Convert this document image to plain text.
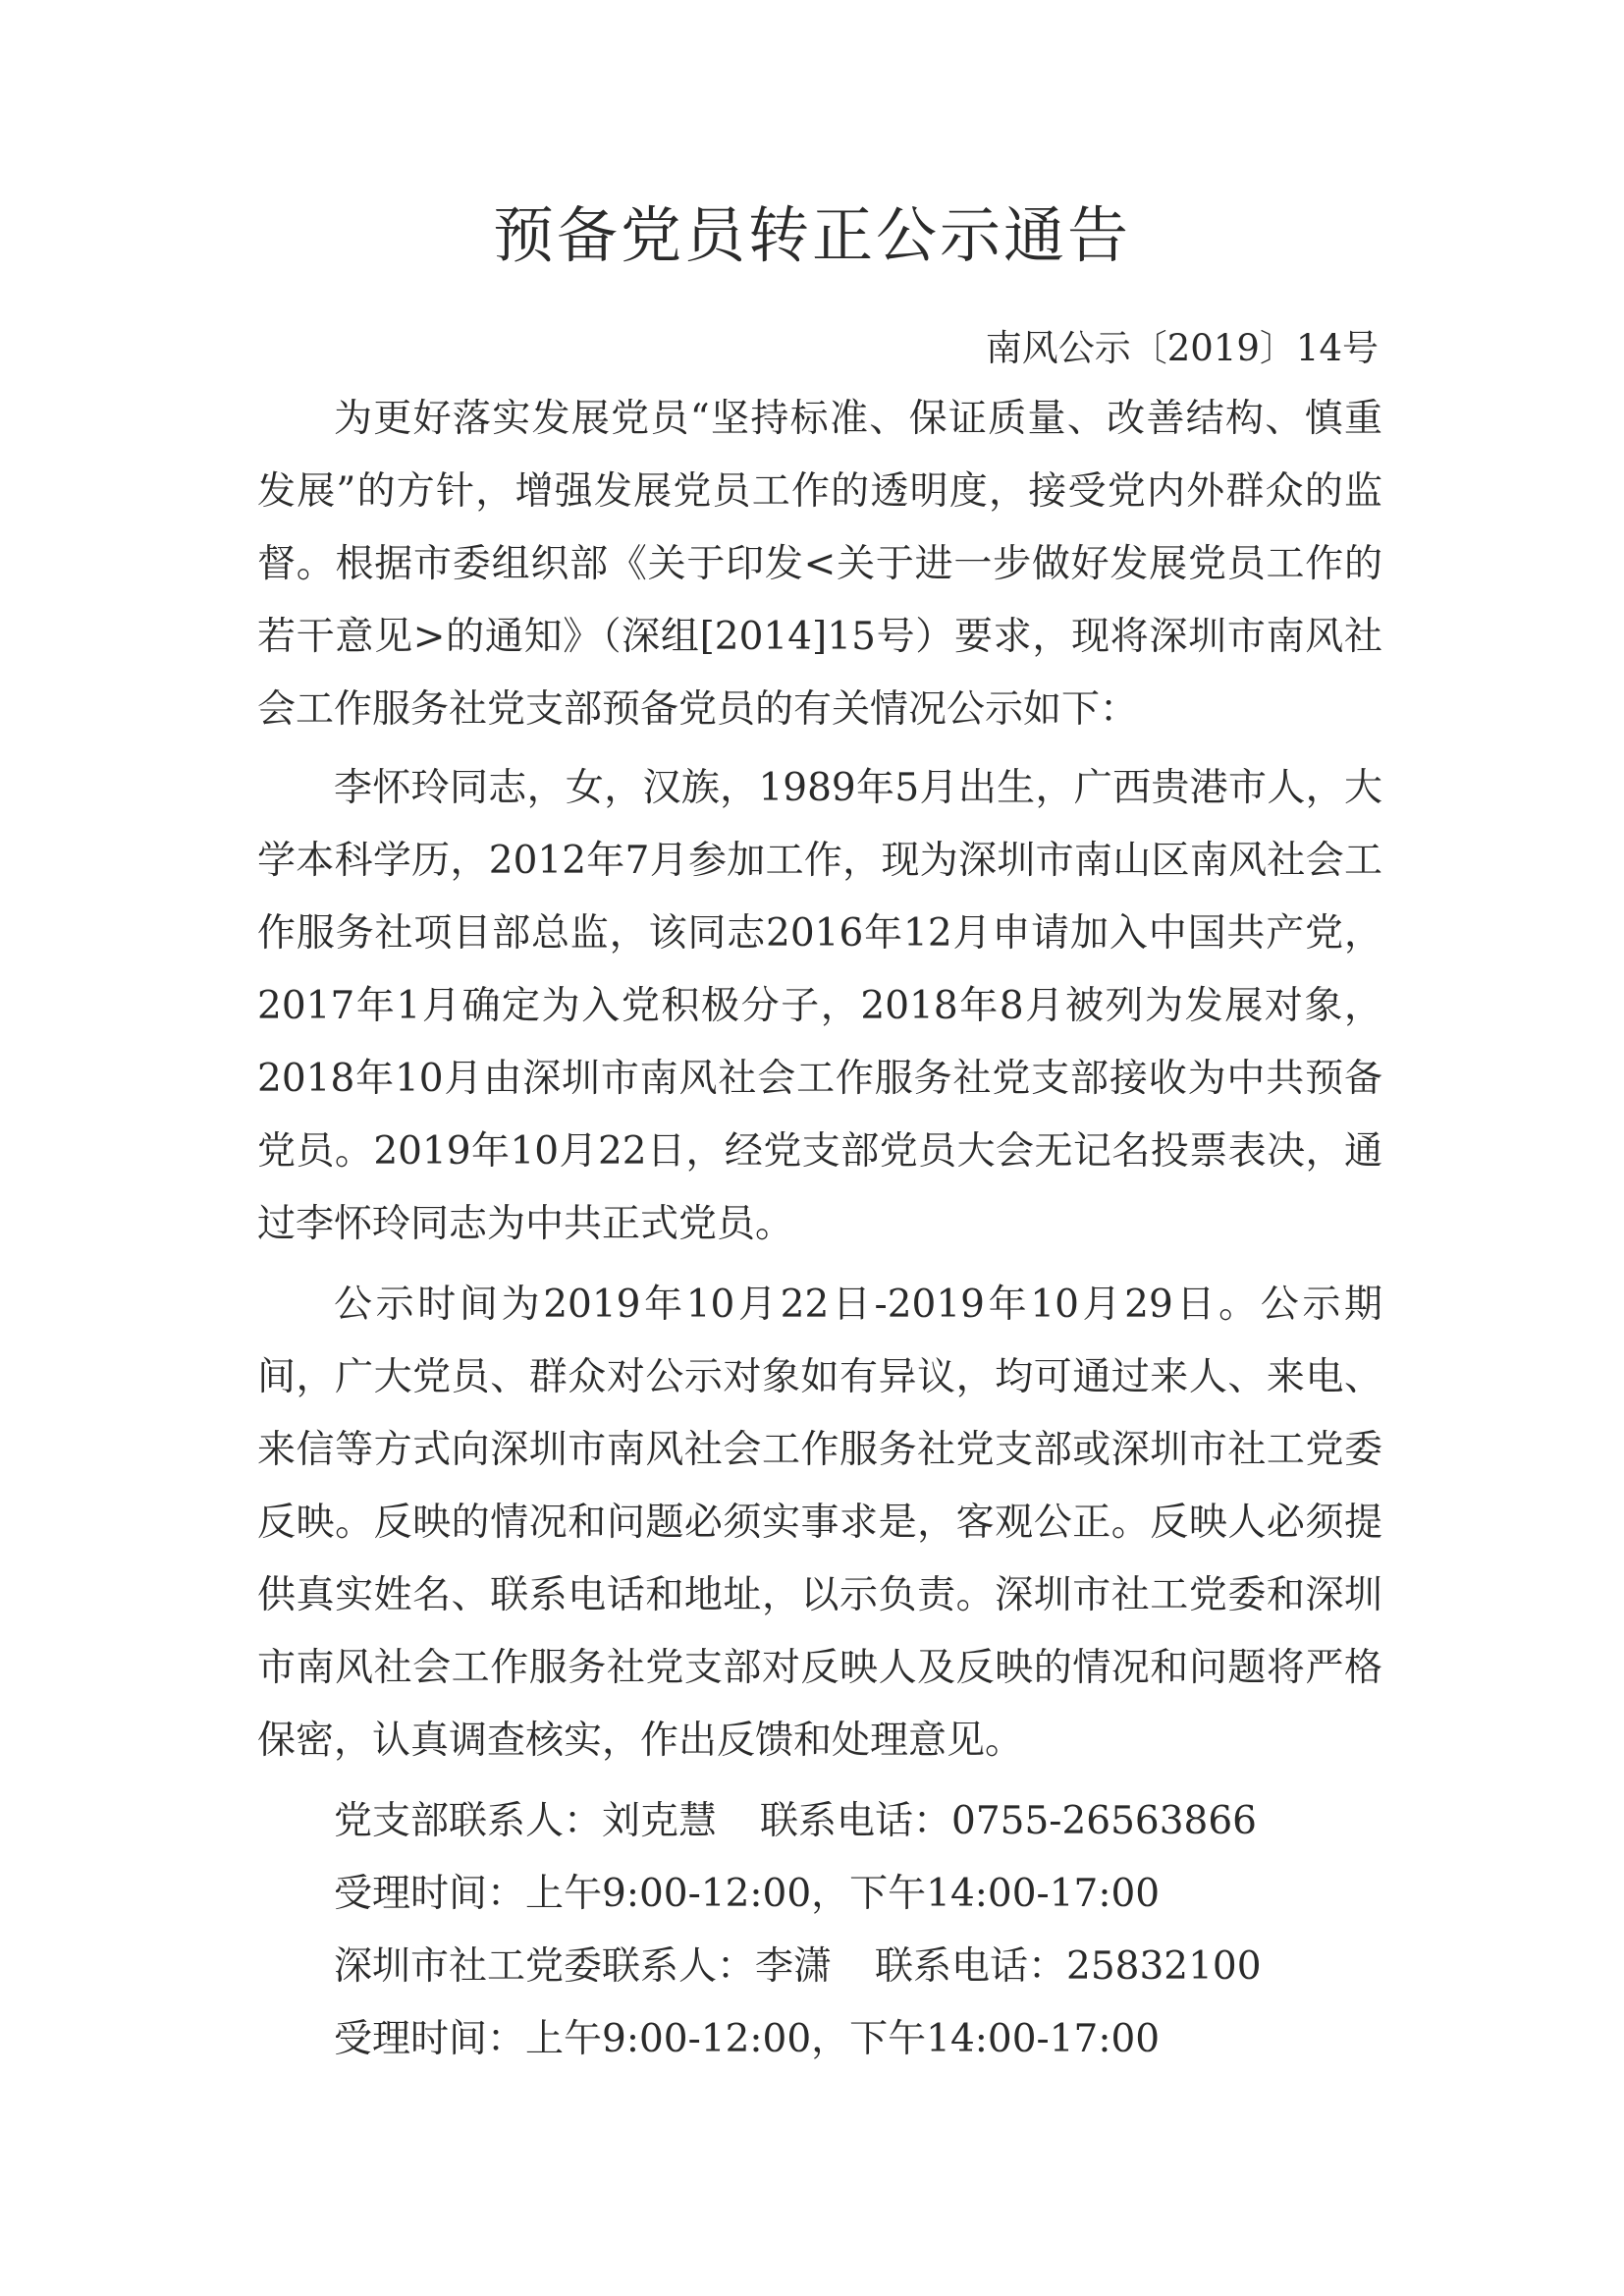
预备党员转正公示通告
南风公示〔2019〕14号

为更好落实发展党员“坚持标准、保证质量、改善结构、慎重发展”的方针，增强发展党员工作的透明度，接受党内外群众的监督。根据市委组织部《关于印发<关于进一步做好发展党员工作的若干意见>的通知》（深组[2014]15号）要求，现将深圳市南风社会工作服务社党支部预备党员的有关情况公示如下：

李怀玲同志，女，汉族，1989年5月出生，广西贵港市人，大学本科学历，2012年7月参加工作，现为深圳市南山区南风社会工作服务社项目部总监，该同志2016年12月申请加入中国共产党，2017年1月确定为入党积极分子，2018年8月被列为发展对象，2018年10月由深圳市南风社会工作服务社党支部接收为中共预备党员。2019年10月22日，经党支部党员大会无记名投票表决，通过李怀玲同志为中共正式党员。

公示时间为2019年10月22日-2019年10月29日。公示期间，广大党员、群众对公示对象如有异议，均可通过来人、来电、来信等方式向深圳市南风社会工作服务社党支部或深圳市社工党委反映。反映的情况和问题必须实事求是，客观公正。反映人必须提供真实姓名、联系电话和地址，以示负责。深圳市社工党委和深圳市南风社会工作服务社党支部对反映人及反映的情况和问题将严格保密，认真调查核实，作出反馈和处理意见。

党支部联系人：刘克慧 联系电话：0755-26563866
受理时间：上午9:00-12:00，下午14:00-17:00
深圳市社工党委联系人：李潇 联系电话：25832100
受理时间：上午9:00-12:00，下午14:00-17:00
